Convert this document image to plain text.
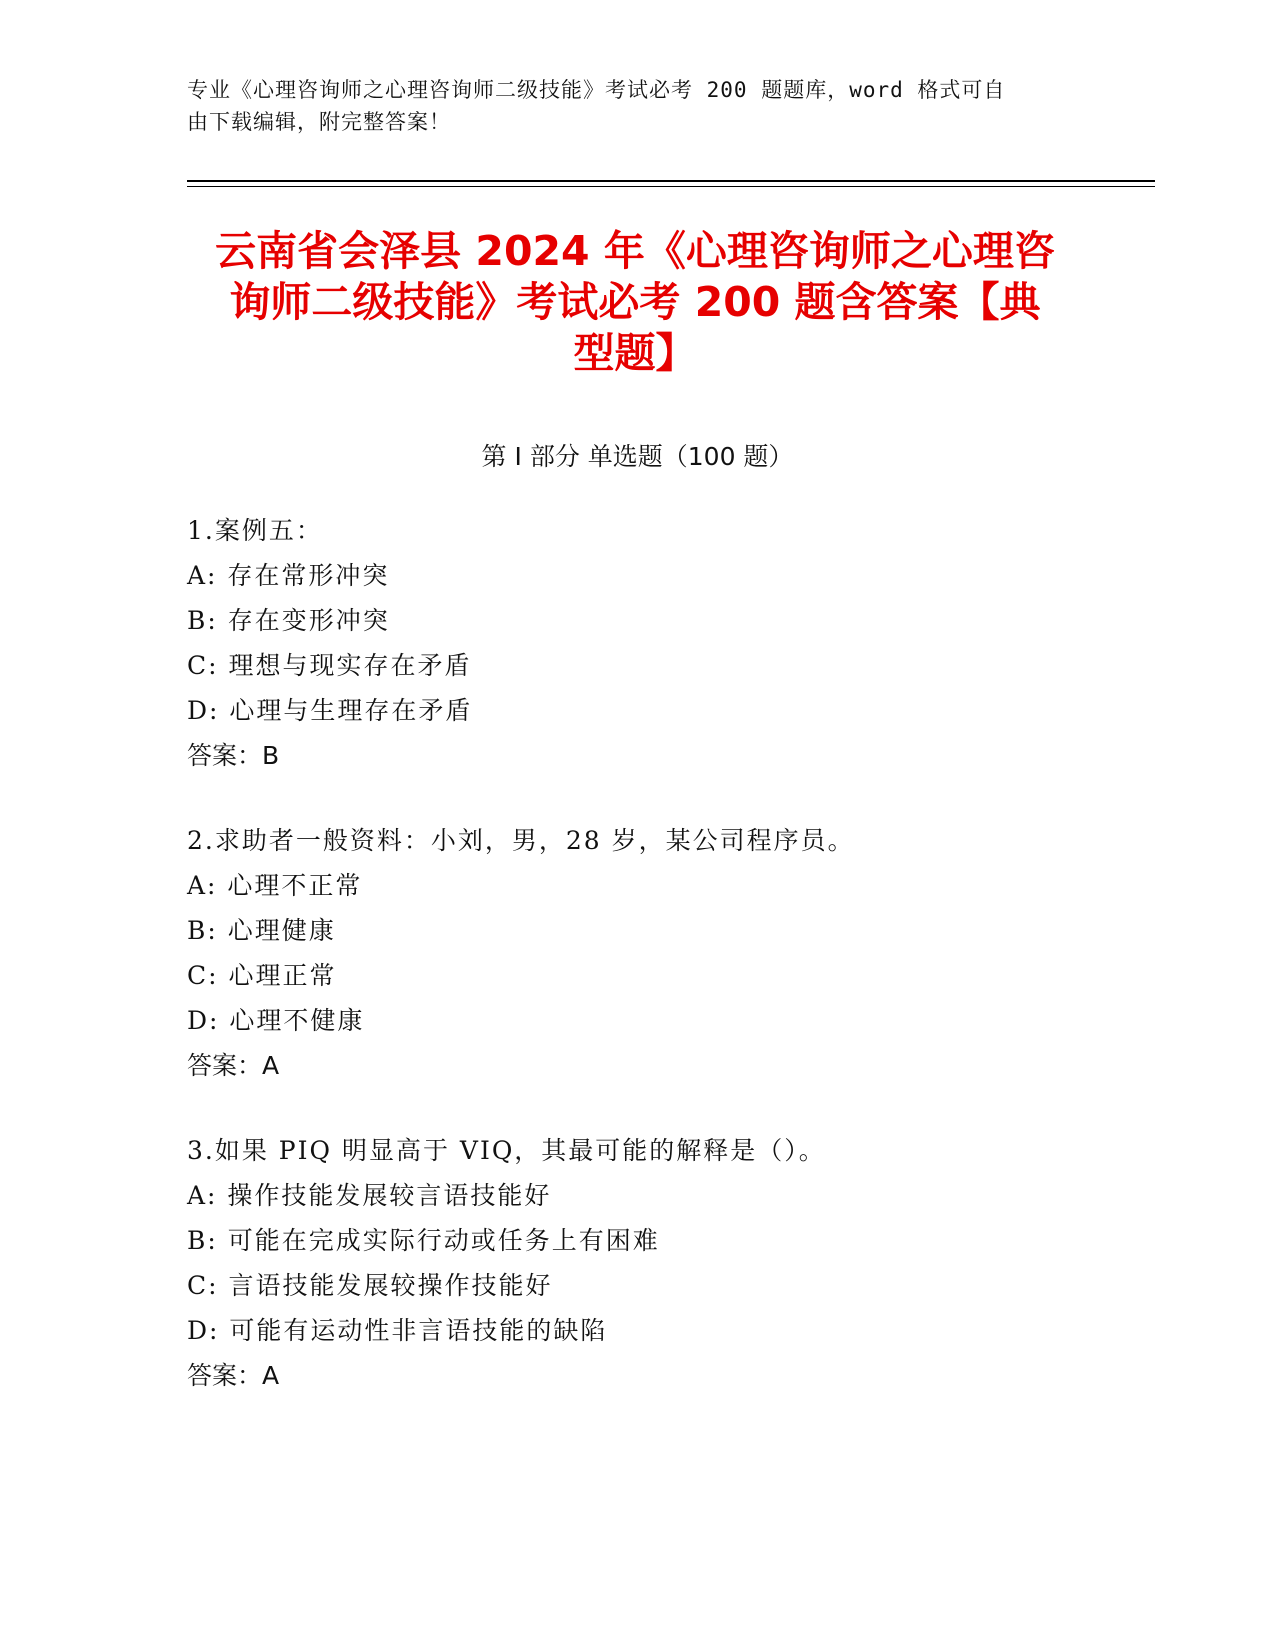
专业《心理咨询师之心理咨询师二级技能》考试必考 200 题题库，word 格式可自
由下载编辑，附完整答案！
云南省会泽县 2024 年《心理咨询师之心理咨
询师二级技能》考试必考 200 题含答案【典
型题】
第 I 部分 单选题（100 题）
1.案例五：
A: 存在常形冲突
B: 存在变形冲突
C: 理想与现实存在矛盾
D: 心理与生理存在矛盾
答案：B
2.求助者一般资料：小刘，男，28 岁，某公司程序员。
A: 心理不正常
B: 心理健康
C: 心理正常
D: 心理不健康
答案：A
3.如果 PIQ 明显高于 VIQ，其最可能的解释是（）。
A: 操作技能发展较言语技能好
B: 可能在完成实际行动或任务上有困难
C: 言语技能发展较操作技能好
D: 可能有运动性非言语技能的缺陷
答案：A
